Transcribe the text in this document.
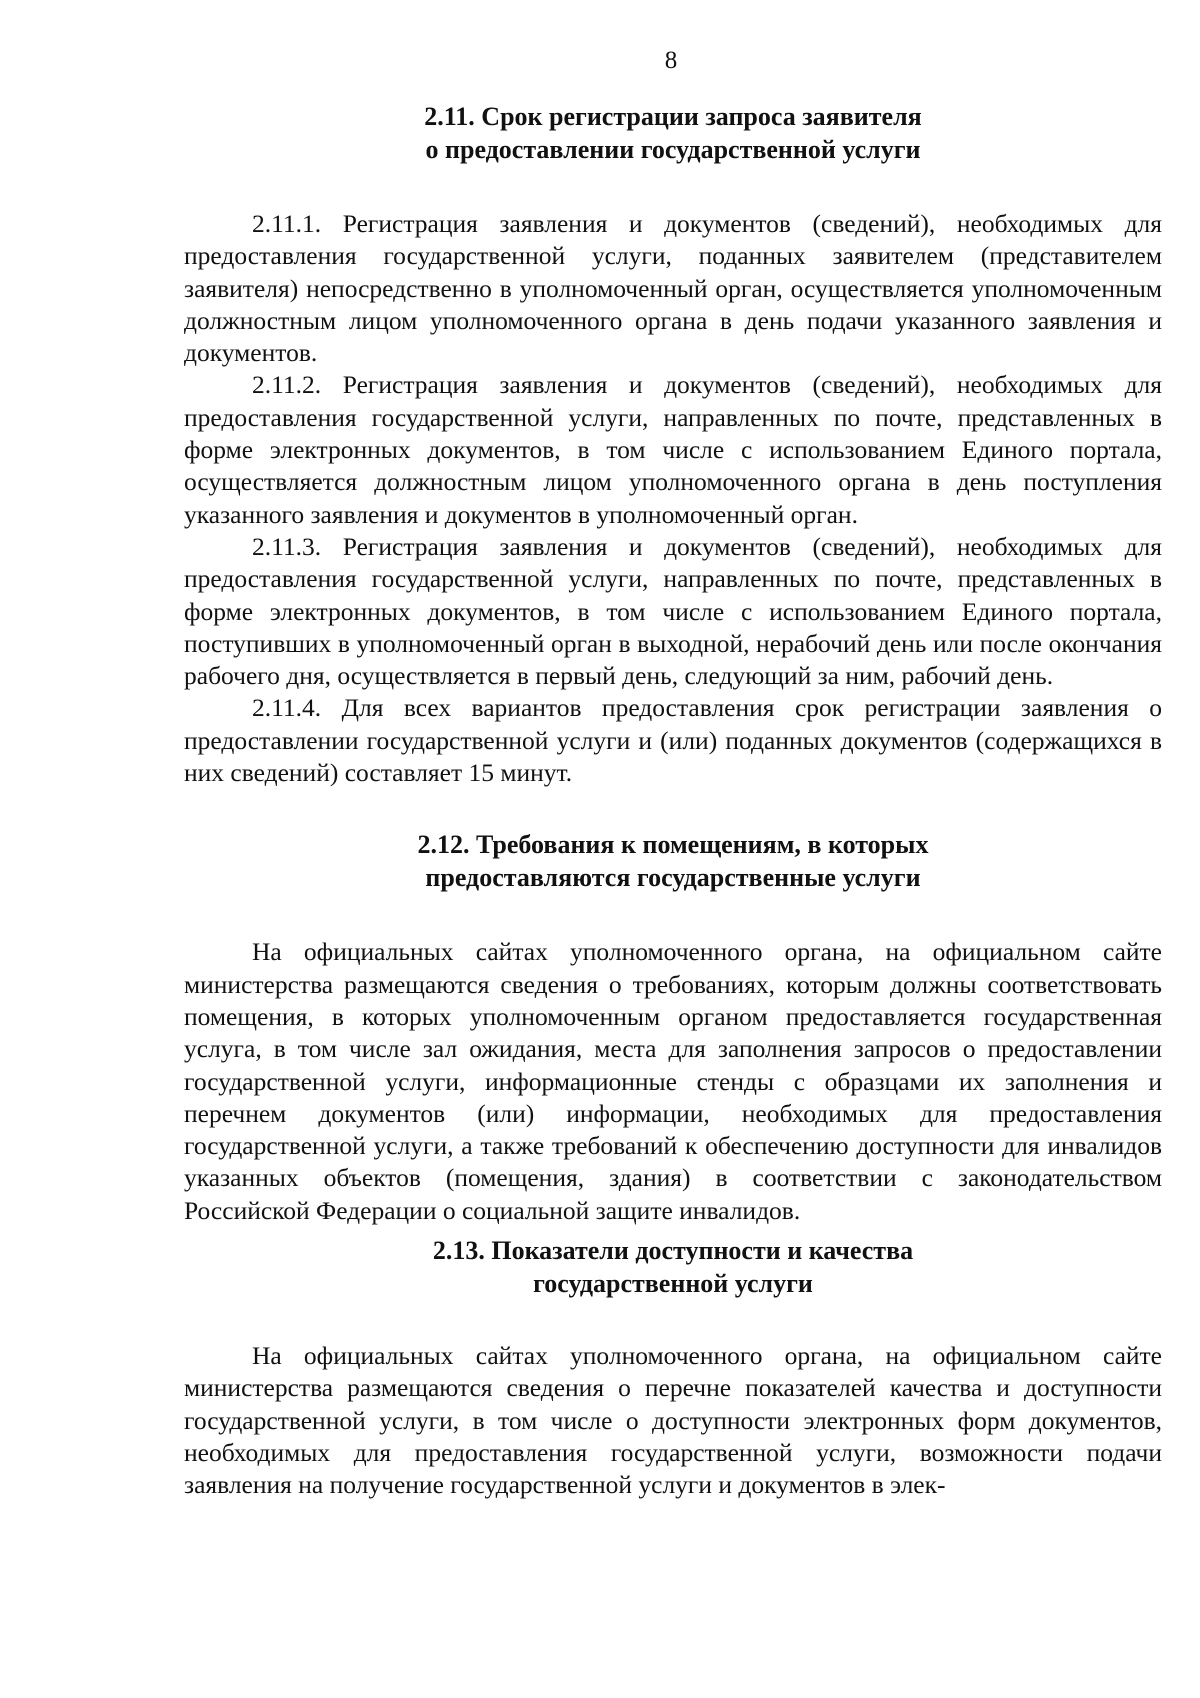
8
2.11. Срок регистрации запроса заявителя
о предоставлении государственной услуги

2.11.1. Регистрация заявления и документов (сведений), необходимых для предоставления государственной услуги, поданных заявителем (представителем заявителя) непосредственно в уполномоченный орган, осуществляется уполномоченным должностным лицом уполномоченного органа в день подачи указанного заявления и документов.

2.11.2. Регистрация заявления и документов (сведений), необходимых для предоставления государственной услуги, направленных по почте, представленных в форме электронных документов, в том числе с использованием Единого портала, осуществляется должностным лицом уполномоченного органа в день поступления указанного заявления и документов в уполномоченный орган.

2.11.3. Регистрация заявления и документов (сведений), необходимых для предоставления государственной услуги, направленных по почте, представленных в форме электронных документов, в том числе с использованием Единого портала, поступивших в уполномоченный орган в выходной, нерабочий день или после окончания рабочего дня, осуществляется в первый день, следующий за ним, рабочий день.

2.11.4. Для всех вариантов предоставления срок регистрации заявления о предоставлении государственной услуги и (или) поданных документов (содержащихся в них сведений) составляет 15 минут.

2.12. Требования к помещениям, в которых
предоставляются государственные услуги

На официальных сайтах уполномоченного органа, на официальном сайте министерства размещаются сведения о требованиях, которым должны соответствовать помещения, в которых уполномоченным органом предоставляется государственная услуга, в том числе зал ожидания, места для заполнения запросов о предоставлении государственной услуги, информационные стенды с образцами их заполнения и перечнем документов (или) информации, необходимых для предоставления государственной услуги, а также требований к обеспечению доступности для инвалидов указанных объектов (помещения, здания) в соответствии с законодательством Российской Федерации о социальной защите инвалидов.

2.13. Показатели доступности и качества
государственной услуги

На официальных сайтах уполномоченного органа, на официальном сайте министерства размещаются сведения о перечне показателей качества и доступности государственной услуги, в том числе о доступности электронных форм документов, необходимых для предоставления государственной услуги, возможности подачи заявления на получение государственной услуги и документов в элек-
